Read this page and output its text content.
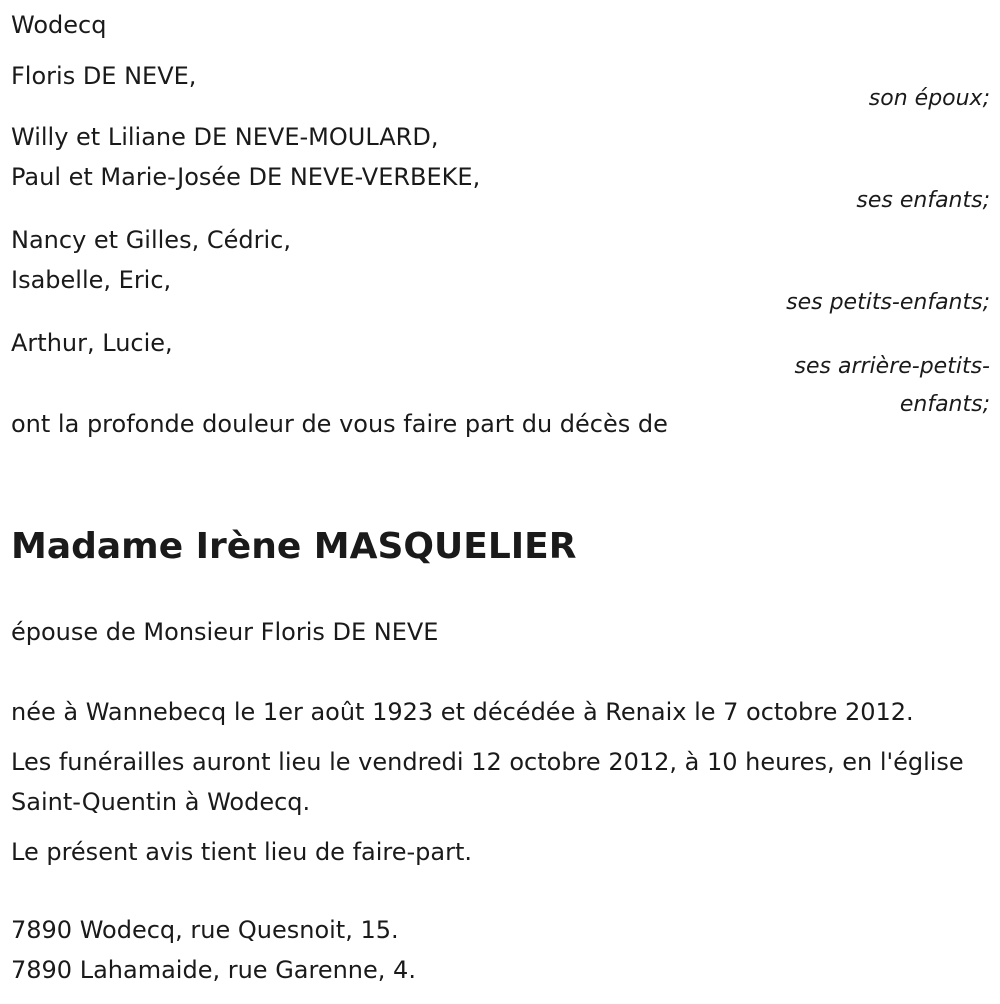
Wodecq
Floris DE NEVE,
son époux;
Willy et Liliane DE NEVE-MOULARD,
Paul et Marie-Josée DE NEVE-VERBEKE,
ses enfants;
Nancy et Gilles, Cédric,
Isabelle, Eric,
ses petits-enfants;
Arthur, Lucie,
ses arrière-petits-enfants;
ont la profonde douleur de vous faire part du décès de
Madame Irène MASQUELIER
épouse de Monsieur Floris DE NEVE
née à Wannebecq le 1er août 1923 et décédée à Renaix le 7 octobre 2012.
Les funérailles auront lieu le vendredi 12 octobre 2012, à 10 heures, en l'église Saint-Quentin à Wodecq.
Le présent avis tient lieu de faire-part.
7890 Wodecq, rue Quesnoit, 15.
7890 Lahamaide, rue Garenne, 4.
